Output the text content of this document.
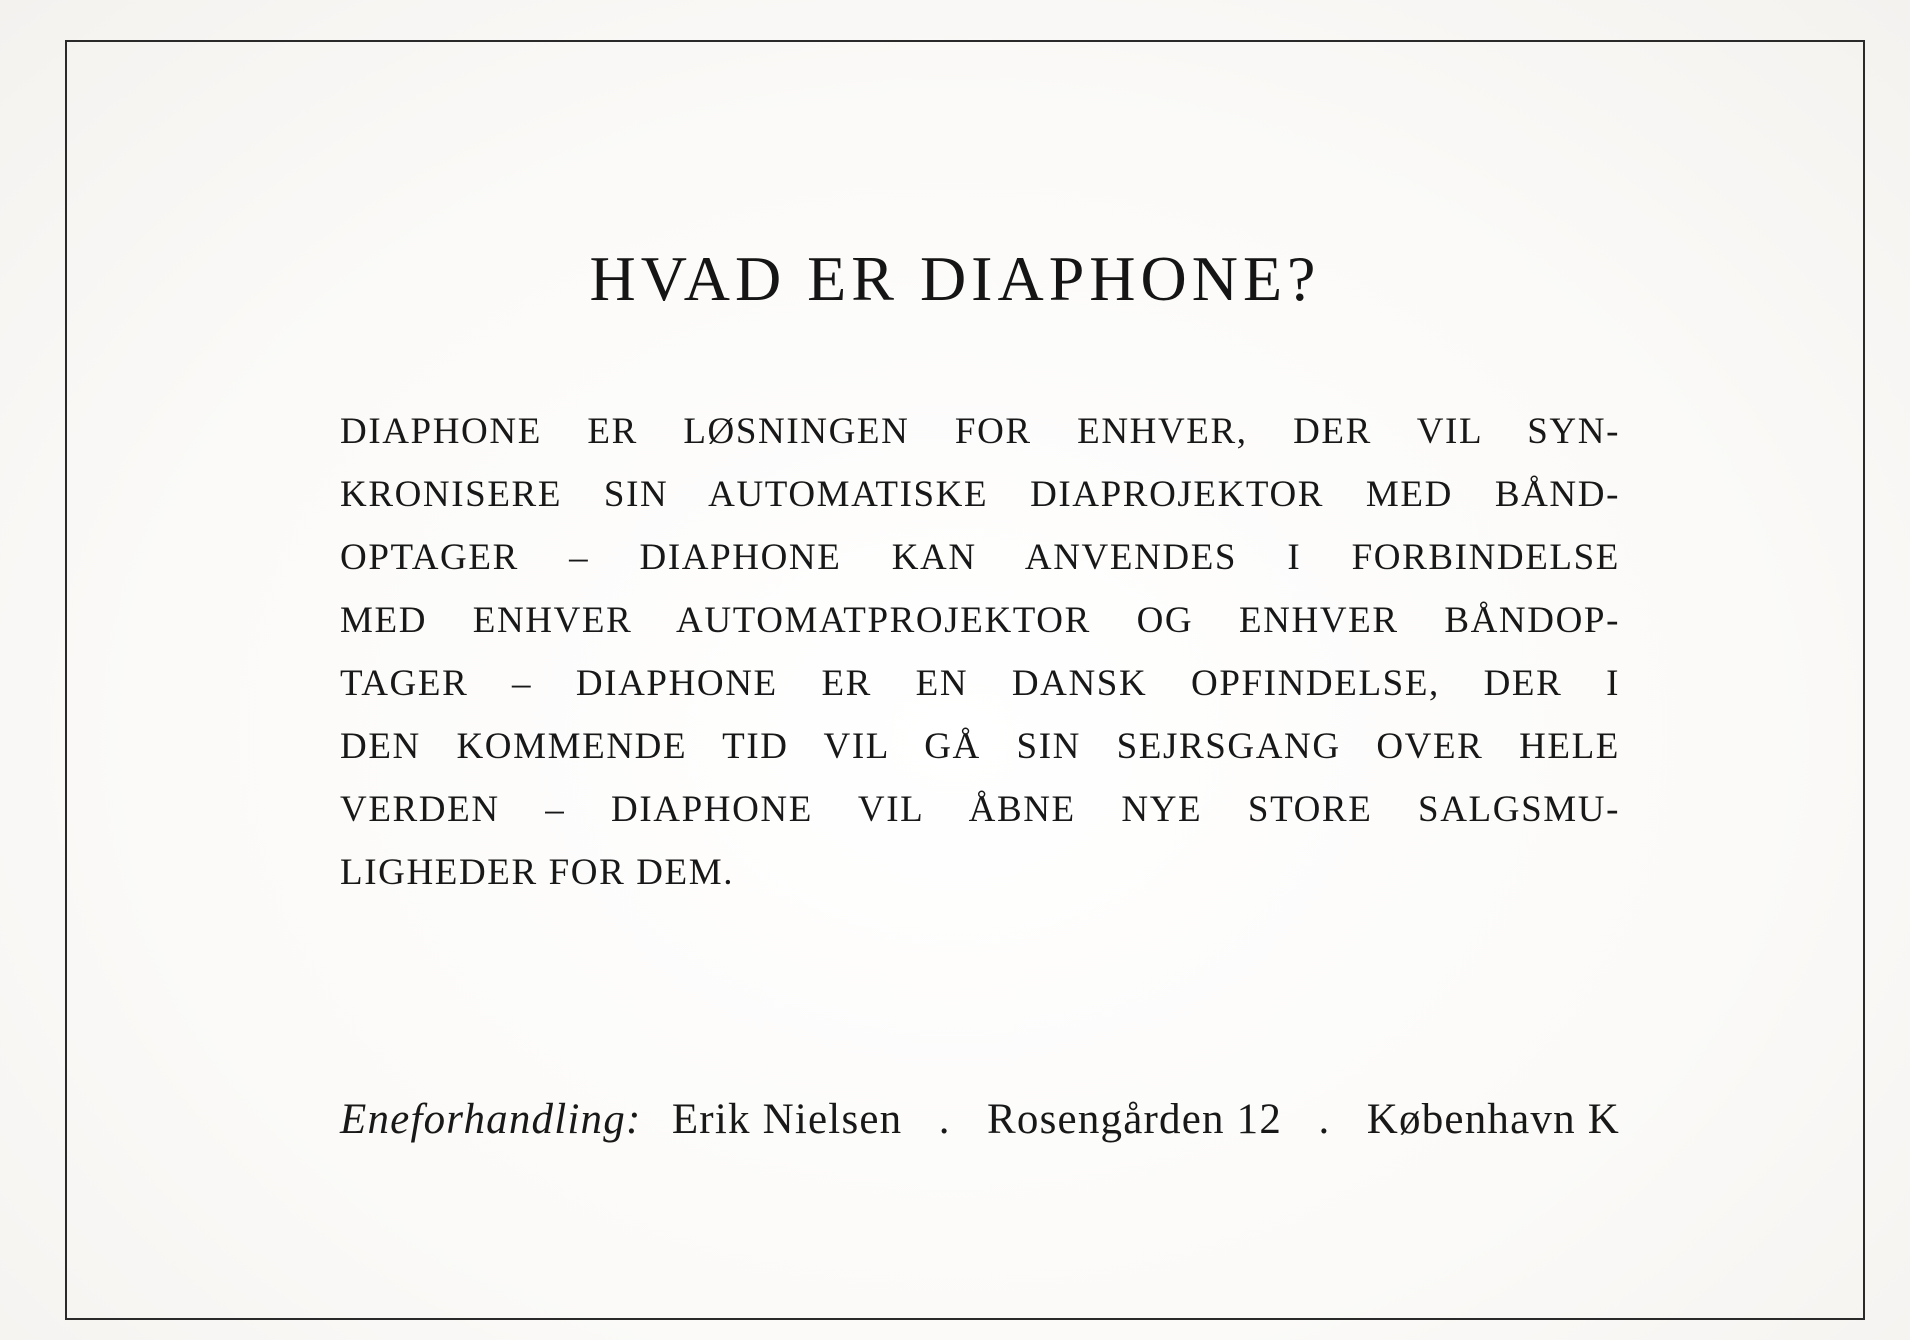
HVAD ER DIAPHONE?
DIAPHONE ER LØSNINGEN FOR ENHVER, DER VIL SYN-
KRONISERE SIN AUTOMATISKE DIAPROJEKTOR MED BÅND-
OPTAGER – DIAPHONE KAN ANVENDES I FORBINDELSE
MED ENHVER AUTOMATPROJEKTOR OG ENHVER BÅNDOP-
TAGER – DIAPHONE ER EN DANSK OPFINDELSE, DER I
DEN KOMMENDE TID VIL GÅ SIN SEJRSGANG OVER HELE
VERDEN – DIAPHONE VIL ÅBNE NYE STORE SALGSMU-
LIGHEDER FOR DEM.
Eneforhandling: Erik Nielsen . Rosengården 12 . København K
